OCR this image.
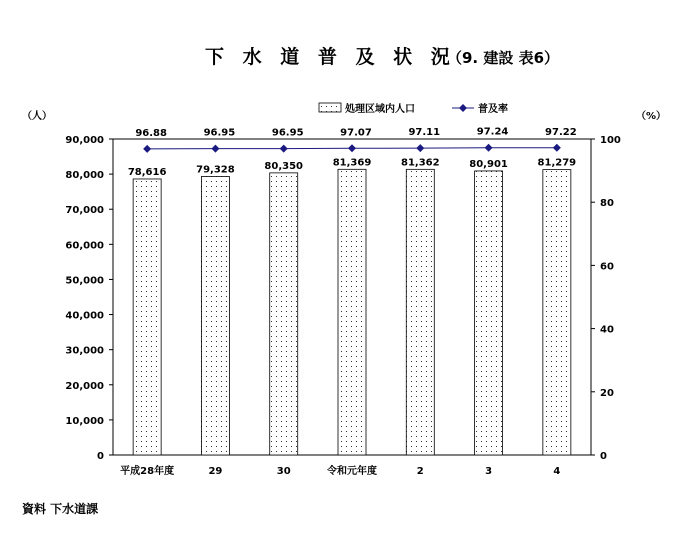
下 水 道 普 及 状 況
（9. 建設 表6）
（人）	（%）
処理区域内人口	普及率
78,616	79,328	80,350	81,369	81,362	80,901	81,279
96.88	96.95	96.95	97.07	97.11	97.24	97.22
平成28年度	29	30	令和元年度	2	3	4
0
10,000
20,000
30,000
40,000
50,000
60,000
70,000
80,000
90,000
0
20
40
60
80
100
資料 下水道課
